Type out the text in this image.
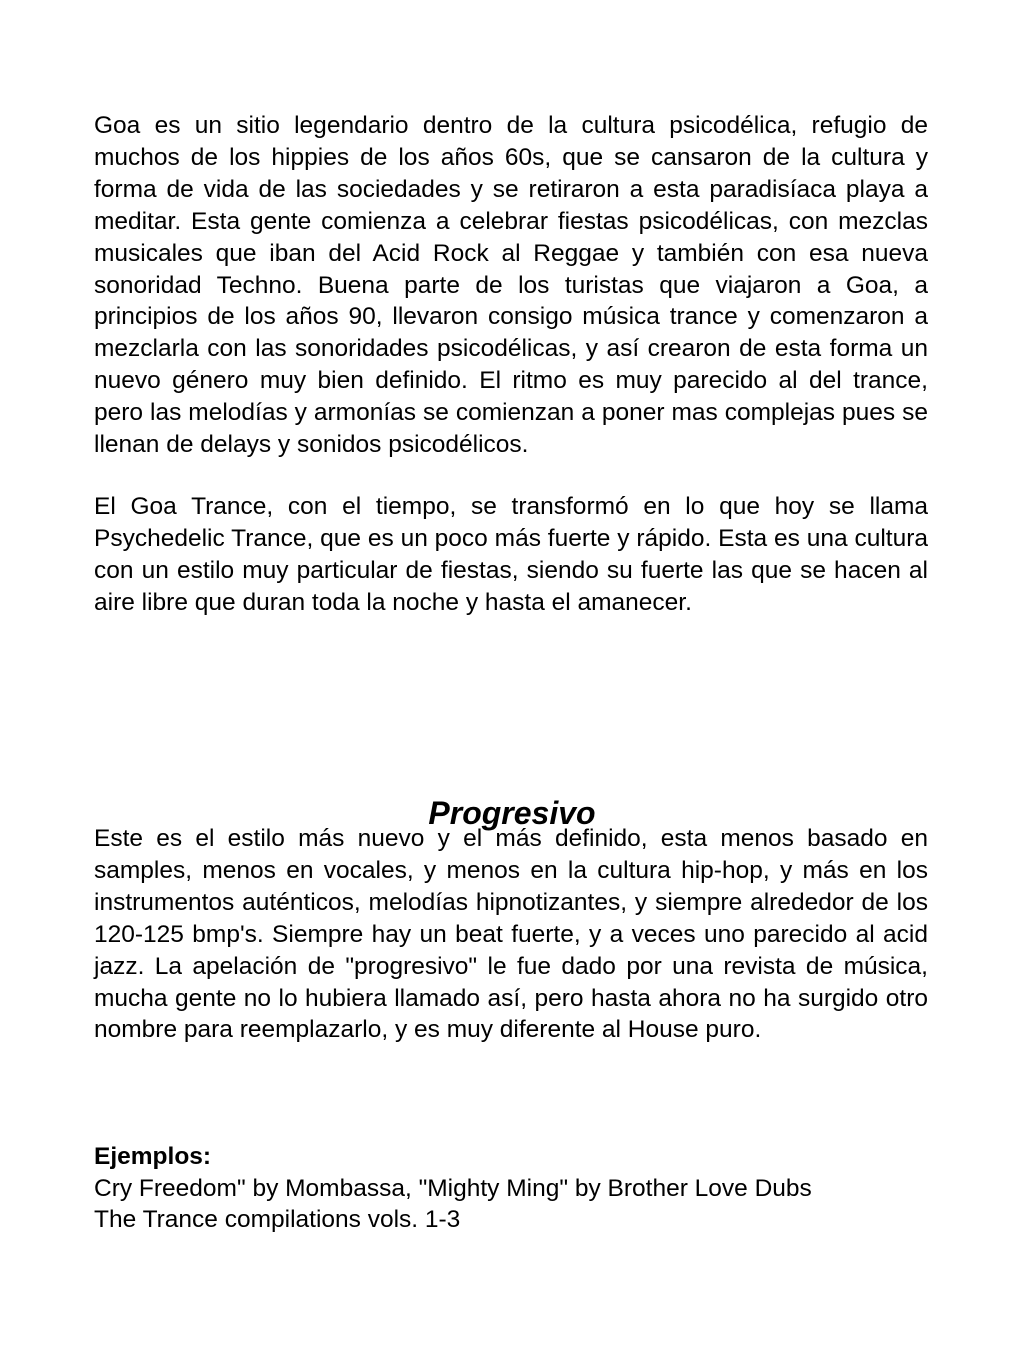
Goa es un sitio legendario dentro de la cultura psicodélica, refugio de muchos de los hippies de los años 60s, que se cansaron de la cultura y forma de vida de las sociedades y se retiraron a esta paradisíaca playa a meditar. Esta gente comienza a celebrar fiestas psicodélicas, con mezclas musicales que iban del Acid Rock al Reggae y también con esa nueva sonoridad Techno. Buena parte de los turistas que viajaron a Goa, a principios de los años 90, llevaron consigo música trance y comenzaron a mezclarla con las sonoridades psicodélicas, y así crearon de esta forma un nuevo género muy bien definido. El ritmo es muy parecido al del trance, pero las melodías y armonías se comienzan a poner mas complejas pues se llenan de delays y sonidos psicodélicos.

El Goa Trance, con el tiempo, se transformó en lo que hoy se llama Psychedelic Trance, que es un poco más fuerte y rápido. Esta es una cultura con un estilo muy particular de fiestas, siendo su fuerte las que se hacen al aire libre que duran toda la noche y hasta el amanecer.

Progresivo

Este es el estilo más nuevo y el más definido, esta menos basado en samples, menos en vocales, y menos en la cultura hip-hop, y más en los instrumentos auténticos, melodías hipnotizantes, y siempre alrededor de los 120-125 bmp's. Siempre hay un beat fuerte, y a veces uno parecido al acid jazz. La apelación de "progresivo" le fue dado por una revista de música, mucha gente no lo hubiera llamado así, pero hasta ahora no ha surgido otro nombre para reemplazarlo, y es muy diferente al House puro.

Ejemplos:
Cry Freedom" by Mombassa, "Mighty Ming" by Brother Love Dubs
The Trance compilations vols. 1-3
